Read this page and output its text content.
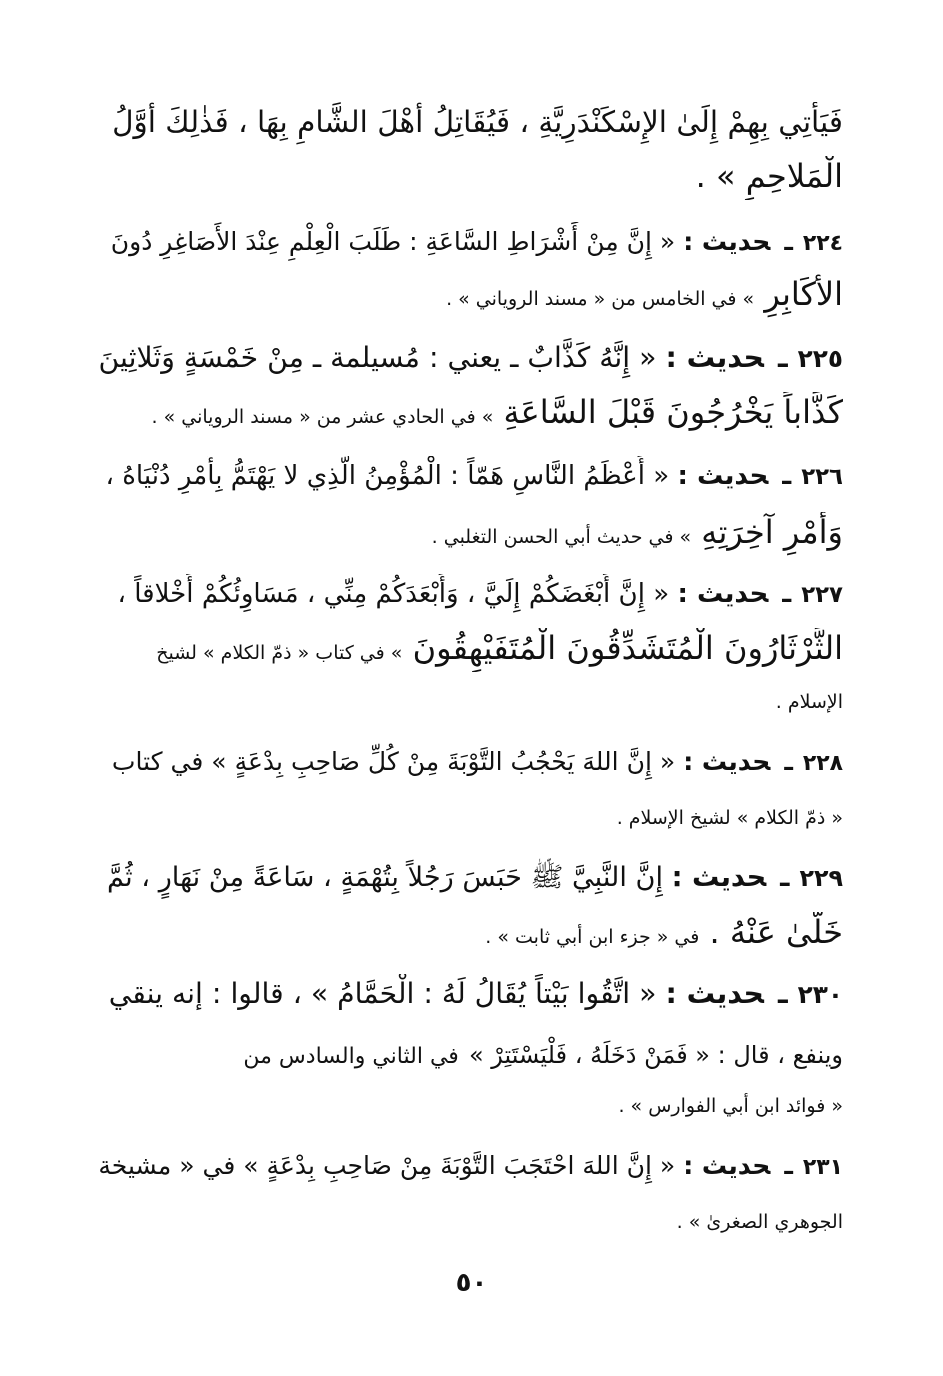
فَيَأْتِي بِهِمْ إِلَىٰ الإِسْكَنْدَرِيَّةِ ، فَيُقَاتِلُ أَهْلَ الشَّامِ بِهَا ، فَذٰلِكَ أَوَّلُ
الْمَلاحِمِ » .
٢٢٤ـحديث : « إِنَّ مِنْ أَشْرَاطِ السَّاعَةِ : طَلَبَ الْعِلْمِ عِنْدَ الأَصَاغِرِ دُونَ
الأَكَابِرِ » في الخامس من « مسند الروياني » .
٢٢٥ـحديث : « إِنَّهُ كَذَّابٌ ـ يعني : مُسيلمة ـ مِنْ خَمْسَةٍ وَثَلاثِينَ
كَذَّاباً يَخْرُجُونَ قَبْلَ السَّاعَةِ » في الحادي عشر من « مسند الروياني » .
٢٢٦ـحديث : « أَعْظَمُ النَّاسِ هَمّاً : الْمُؤْمِنُ الَّذِي لا يَهْتَمُّ بِأَمْرِ دُنْيَاهُ ،
وَأَمْرِ آخِرَتِهِ » في حديث أبي الحسن التغلبي .
٢٢٧ـحديث : « إِنَّ أَبْغَضَكُمْ إِلَيَّ ، وَأَبْعَدَكُمْ مِنِّي ، مَسَاوِئُكُمْ أَخْلاقاً ،
الثَّرْثَارُونَ الْمُتَشَدِّقُونَ الْمُتَفَيْهِقُونَ » في كتاب « ذمّ الكلام » لشيخ
الإسلام .
٢٢٨ـحديث : « إِنَّ اللهَ يَحْجُبُ التَّوْبَةَ مِنْ كُلِّ صَاحِبِ بِدْعَةٍ » في كتاب
« ذمّ الكلام » لشيخ الإسلام .
٢٢٩ـحديث : إِنَّ النَّبِيَّ ﷺ حَبَسَ رَجُلاً بِتُهْمَةٍ ، سَاعَةً مِنْ نَهَارٍ ، ثُمَّ
خَلَّىٰ عَنْهُ . في « جزء ابن أبي ثابت » .
٢٣٠ـحديث : « اتَّقُوا بَيْتاً يُقَالُ لَهُ : الْحَمَّامُ » ، قالوا : إنه ينقي
وينفع ، قال : « فَمَنْ دَخَلَهُ ، فَلْيَسْتَتِرْ » في الثاني والسادس من
« فوائد ابن أبي الفوارس » .
٢٣١ـحديث : « إِنَّ اللهَ احْتَجَبَ التَّوْبَةَ مِنْ صَاحِبِ بِدْعَةٍ » في « مشيخة
الجوهري الصغرىٰ » .
٥٠
